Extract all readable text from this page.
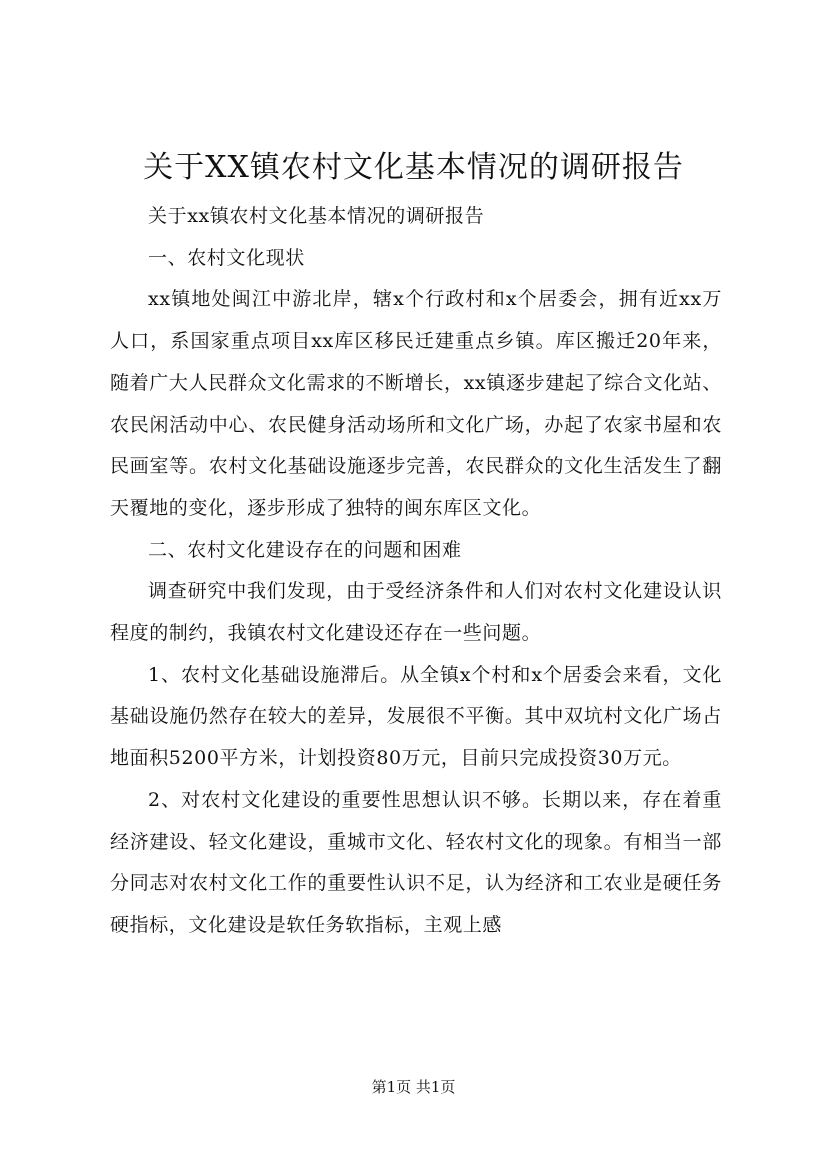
关于XX镇农村文化基本情况的调研报告

关于xx镇农村文化基本情况的调研报告

一、农村文化现状

xx镇地处闽江中游北岸，辖x个行政村和x个居委会，拥有近xx万人口，系国家重点项目xx库区移民迁建重点乡镇。库区搬迁20年来，随着广大人民群众文化需求的不断增长，xx镇逐步建起了综合文化站、农民闲活动中心、农民健身活动场所和文化广场，办起了农家书屋和农民画室等。农村文化基础设施逐步完善，农民群众的文化生活发生了翻天覆地的变化，逐步形成了独特的闽东库区文化。

二、农村文化建设存在的问题和困难

调查研究中我们发现，由于受经济条件和人们对农村文化建设认识程度的制约，我镇农村文化建设还存在一些问题。

1、农村文化基础设施滞后。从全镇x个村和x个居委会来看，文化基础设施仍然存在较大的差异，发展很不平衡。其中双坑村文化广场占地面积5200平方米，计划投资80万元，目前只完成投资30万元。

2、对农村文化建设的重要性思想认识不够。长期以来，存在着重经济建设、轻文化建设，重城市文化、轻农村文化的现象。有相当一部分同志对农村文化工作的重要性认识不足，认为经济和工农业是硬任务硬指标，文化建设是软任务软指标，主观上感

第1页 共1页
